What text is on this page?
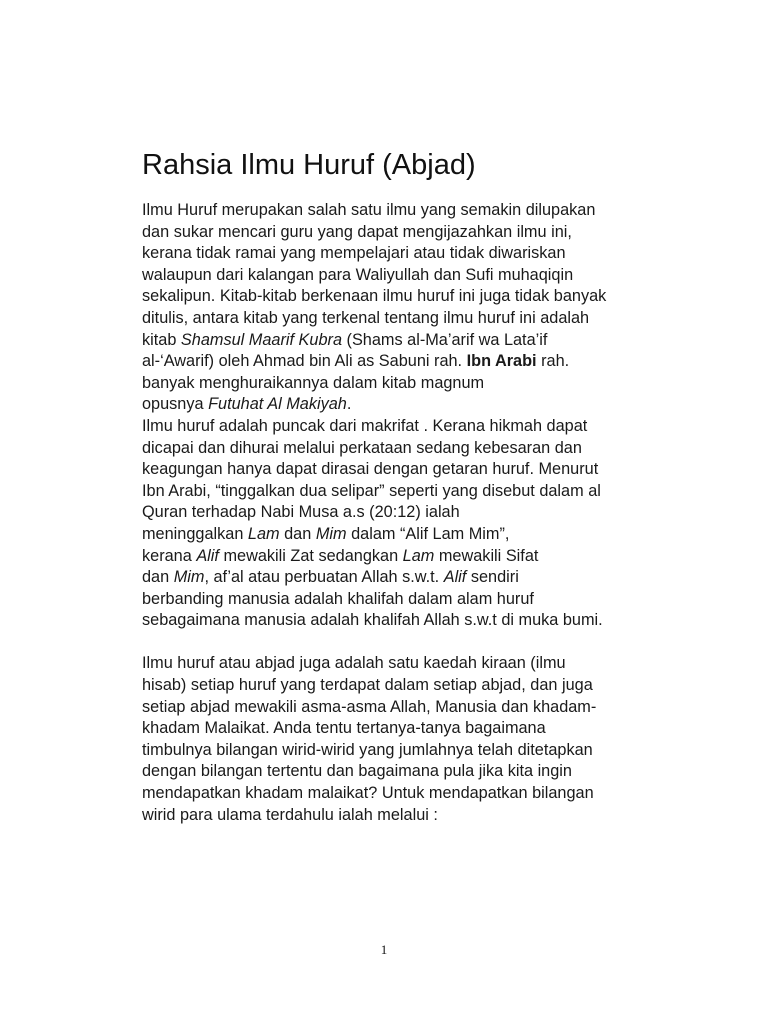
Rahsia Ilmu Huruf (Abjad)
Ilmu Huruf merupakan salah satu ilmu yang semakin dilupakan
dan sukar mencari guru yang dapat mengijazahkan ilmu ini,
kerana tidak ramai yang mempelajari atau tidak diwariskan
walaupun dari kalangan para Waliyullah dan Sufi muhaqiqin
sekalipun. Kitab-kitab berkenaan ilmu huruf ini juga tidak banyak
ditulis, antara kitab yang terkenal tentang ilmu huruf ini adalah
kitab Shamsul Maarif Kubra (Shams al-Ma’arif wa Lata’if
al-‘Awarif) oleh Ahmad bin Ali as Sabuni rah. Ibn Arabi rah.
banyak menghuraikannya dalam kitab magnum
opusnya Futuhat Al Makiyah.
Ilmu huruf adalah puncak dari makrifat . Kerana hikmah dapat
dicapai dan dihurai melalui perkataan sedang kebesaran dan
keagungan hanya dapat dirasai dengan getaran huruf. Menurut
Ibn Arabi, “tinggalkan dua selipar” seperti yang disebut dalam al
Quran terhadap Nabi Musa a.s (20:12) ialah
meninggalkan Lam dan Mim dalam “Alif Lam Mim”,
kerana Alif mewakili Zat sedangkan Lam mewakili Sifat
dan Mim, af’al atau perbuatan Allah s.w.t. Alif sendiri
berbanding manusia adalah khalifah dalam alam huruf
sebagaimana manusia adalah khalifah Allah s.w.t di muka bumi.
Ilmu huruf atau abjad juga adalah satu kaedah kiraan (ilmu
hisab) setiap huruf yang terdapat dalam setiap abjad, dan juga
setiap abjad mewakili asma-asma Allah, Manusia dan khadam-
khadam Malaikat. Anda tentu tertanya-tanya bagaimana
timbulnya bilangan wirid-wirid yang jumlahnya telah ditetapkan
dengan bilangan tertentu dan bagaimana pula jika kita ingin
mendapatkan khadam malaikat? Untuk mendapatkan bilangan
wirid para ulama terdahulu ialah melalui :
1
